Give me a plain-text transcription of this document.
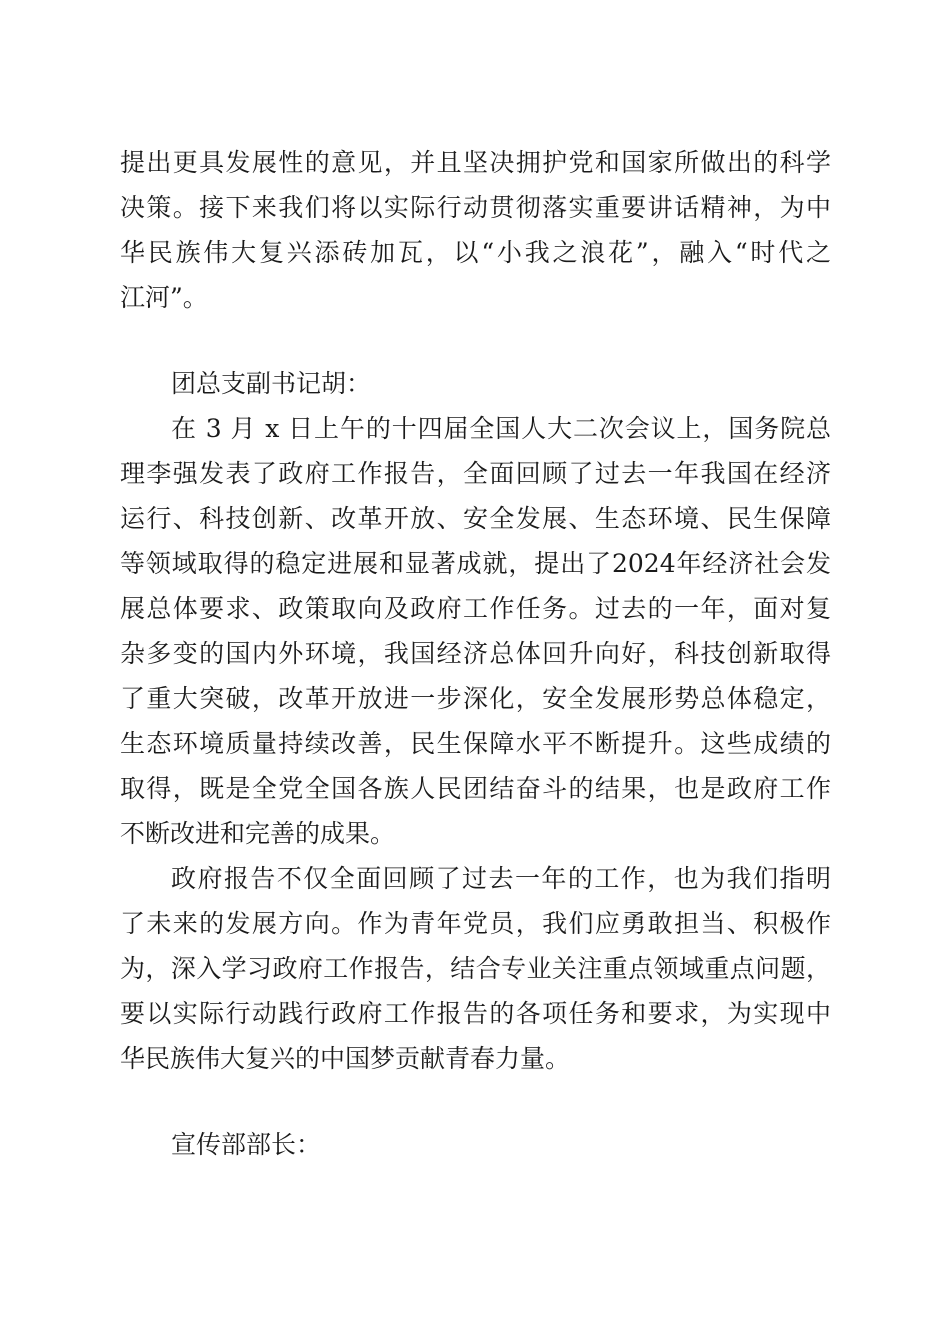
提出更具发展性的意见，并且坚决拥护党和国家所做出的科学
决策。接下来我们将以实际行动贯彻落实重要讲话精神，为中
华民族伟大复兴添砖加瓦，以“小我之浪花”，融入“时代之
江河”。
团总支副书记胡：
在 3 月 x 日上午的十四届全国人大二次会议上，国务院总
理李强发表了政府工作报告，全面回顾了过去一年我国在经济
运行、科技创新、改革开放、安全发展、生态环境、民生保障
等领域取得的稳定进展和显著成就，提出了2024年经济社会发
展总体要求、政策取向及政府工作任务。过去的一年，面对复
杂多变的国内外环境，我国经济总体回升向好，科技创新取得
了重大突破，改革开放进一步深化，安全发展形势总体稳定，
生态环境质量持续改善，民生保障水平不断提升。这些成绩的
取得，既是全党全国各族人民团结奋斗的结果，也是政府工作
不断改进和完善的成果。
政府报告不仅全面回顾了过去一年的工作，也为我们指明
了未来的发展方向。作为青年党员，我们应勇敢担当、积极作
为，深入学习政府工作报告，结合专业关注重点领域重点问题，
要以实际行动践行政府工作报告的各项任务和要求，为实现中
华民族伟大复兴的中国梦贡献青春力量。
宣传部部长：
